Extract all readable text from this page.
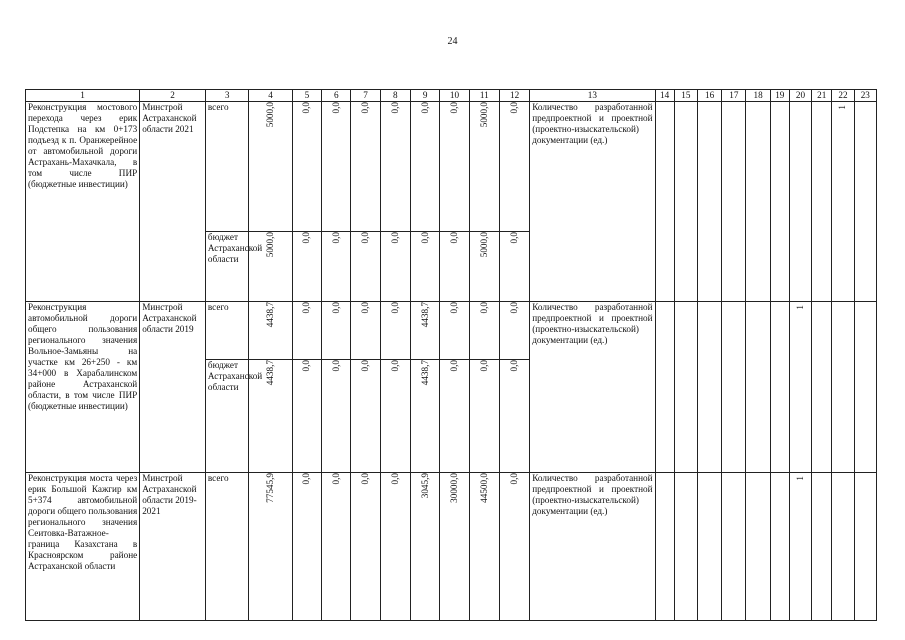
24
1	2	3	4	5	6	7	8	9	10	11	12	13	14	15	16	17	18	19	20	21	22	23
Реконструкция мостового перехода через ерик Подстепка на км 0+173 подъезд к п. Оранжерейное от автомобильной дороги Астрахань-Махачкала, в том числе ПИР (бюджетные инвестиции)	Минстрой Астраханской области 2021	всего	5000,0	0,0	0,0	0,0	0,0	0,0	0,0	5000,0	0,0	Количество разработанной предпроектной и проектной (проектно-изыскательской) документации (ед.)									1	
		бюджет Астраханской области	5000,0	0,0	0,0	0,0	0,0	0,0	0,0	5000,0	0,0											
Реконструкция автомобильной дороги общего пользования регионального значения Вольное-Замьяны на участке км 26+250 - км 34+000 в Харабалинском районе Астраханской области, в том числе ПИР (бюджетные инвестиции)	Минстрой Астраханской области 2019	всего	4438,7	0,0	0,0	0,0	0,0	4438,7	0,0	0,0	0,0	Количество разработанной предпроектной и проектной (проектно-изыскательской) документации (ед.)							1			
		бюджет Астраханской области	4438,7	0,0	0,0	0,0	0,0	4438,7	0,0	0,0	0,0											
Реконструкция моста через ерик Большой Кажгир км 5+374 автомобильной дороги общего пользования регионального значения Сеитовка-Ватажное-граница Казахстана в Красноярском районе Астраханской области	Минстрой Астраханской области 2019-2021	всего	77545,9	0,0	0,0	0,0	0,0	3045,9	30000,0	44500,0	0,0	Количество разработанной предпроектной и проектной (проектно-изыскательской) документации (ед.)							1			
